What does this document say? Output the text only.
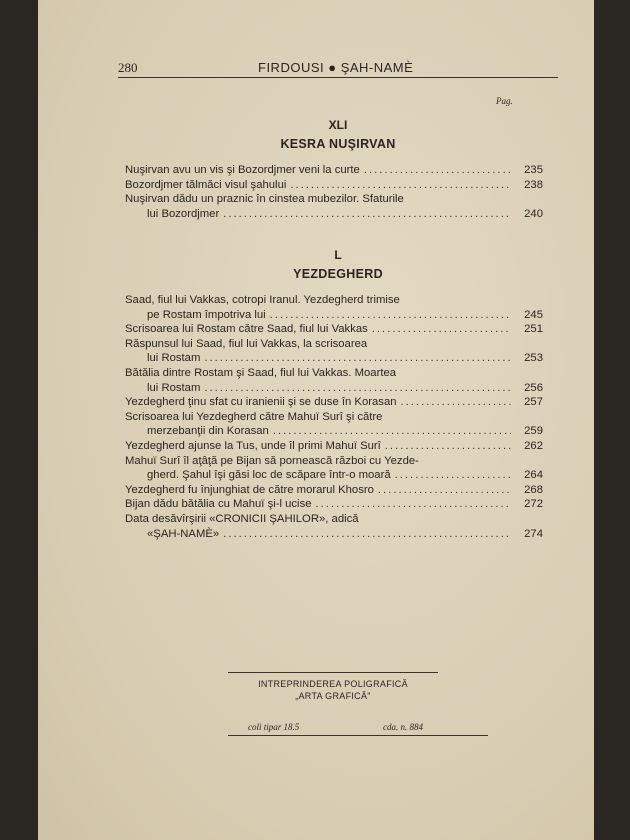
280	FIRDOUSI ● ŞAH-NAMÈ
Pag.
XLI
KESRA NUŞIRVAN
Nuşirvan avu un vis şi Bozordjmer veni la curte .....	235
Bozordjmer tălmăci visul şahului .....	238
Nuşirvan dădu un praznic în cinstea mubezilor. Sfaturile
lui Bozordjmer .....	240
L
YEZDEGHERD
Saad, fiul lui Vakkas, cotropi Iranul. Yezdegherd trimise
pe Rostam împotriva lui .....	245
Scrisoarea lui Rostam către Saad, fiul lui Vakkas .....	251
Răspunsul lui Saad, fiul lui Vakkas, la scrisoarea
lui Rostam .....	253
Bătălia dintre Rostam şi Saad, fiul lui Vakkas. Moartea
lui Rostam .....	256
Yezdegherd ţinu sfat cu iranienii şi se duse în Korasan .....	257
Scrisoarea lui Yezdegherd către Mahuï Surî şi către
merzebanţii din Korasan .....	259
Yezdegherd ajunse la Tus, unde îl primi Mahuï Surî .....	262
Mahuï Surî îl aţâţă pe Bijan să pornească război cu Yezde-
gherd. Şahul îşi găsi loc de scăpare într-o moară .....	264
Yezdegherd fu înjunghiat de către morarul Khosro .....	268
Bijan dădu bătălia cu Mahuï şi-l ucise .....	272
Data desăvîrşirii «CRONICII ŞAHILOR», adică
«ŞAH-NAMÈ» .....	274
INTREPRINDEREA POLIGRAFICĂ
„ARTA GRAFICĂ"
coli tipar 18.5	cda. n. 884
